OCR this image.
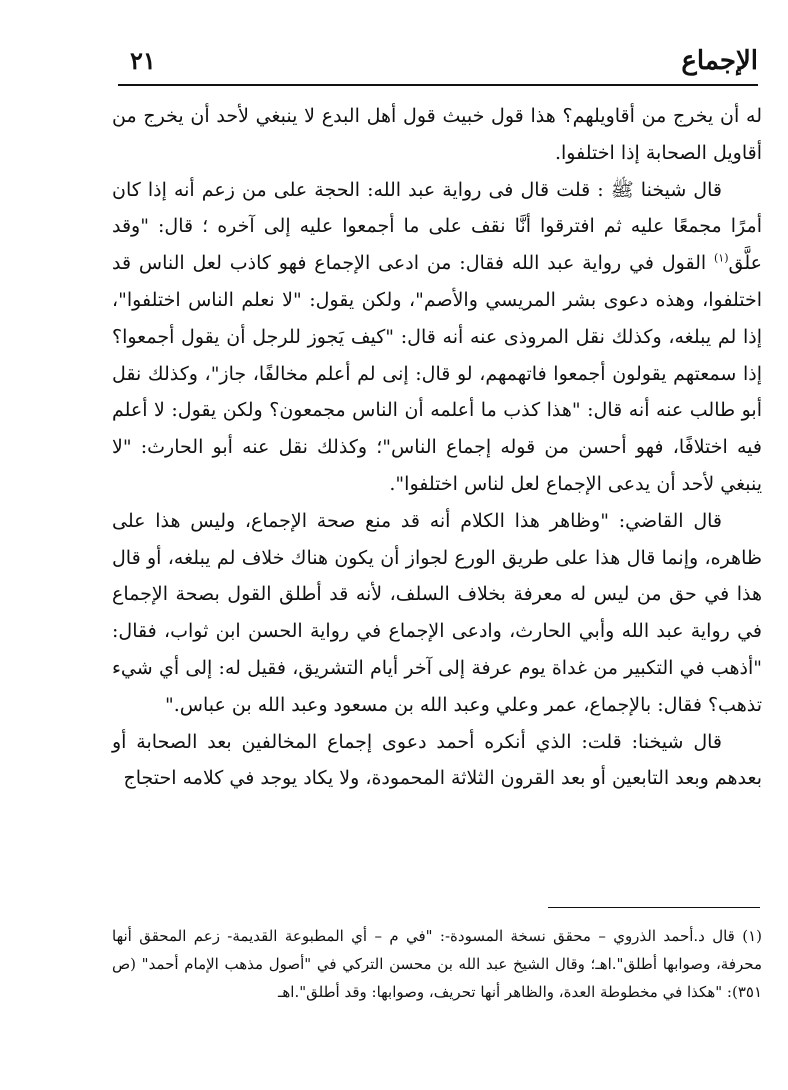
الإجماع
٢١

له أن يخرج من أقاويلهم؟ هذا قول خبيث قول أهل البدع لا ينبغي لأحد أن يخرج من أقاويل الصحابة إذا اختلفوا.

قال شيخنا ﷺ : قلت قال فى رواية عبد الله: الحجة على من زعم أنه إذا كان أمرًا مجمعًا عليه ثم افترقوا أنَّا نقف على ما أجمعوا عليه إلى آخره ؛ قال: "وقد علَّق$^{(١)}$ القول في رواية عبد الله فقال: من ادعى الإجماع فهو كاذب لعل الناس قد اختلفوا، وهذه دعوى بشر المريسي والأصم"، ولكن يقول: "لا نعلم الناس اختلفوا"، إذا لم يبلغه، وكذلك نقل المروذى عنه أنه قال: "كيف يَجوز للرجل أن يقول أجمعوا؟ إذا سمعتهم يقولون أجمعوا فاتهمهم، لو قال: إنى لم أعلم مخالفًا، جاز"، وكذلك نقل أبو طالب عنه أنه قال: "هذا كذب ما أعلمه أن الناس مجمعون؟ ولكن يقول: لا أعلم فيه اختلافًا، فهو أحسن من قوله إجماع الناس"؛ وكذلك نقل عنه أبو الحارث: "لا ينبغي لأحد أن يدعى الإجماع لعل لناس اختلفوا".

قال القاضي: "وظاهر هذا الكلام أنه قد منع صحة الإجماع، وليس هذا على ظاهره، وإنما قال هذا على طريق الورع لجواز أن يكون هناك خلاف لم يبلغه، أو قال هذا في حق من ليس له معرفة بخلاف السلف، لأنه قد أطلق القول بصحة الإجماع في رواية عبد الله وأبي الحارث، وادعى الإجماع في رواية الحسن ابن ثواب، فقال: "أذهب في التكبير من غداة يوم عرفة إلى آخر أيام التشريق، فقيل له: إلى أي شيء تذهب؟ فقال: بالإجماع، عمر وعلي وعبد الله بن مسعود وعبد الله بن عباس."

قال شيخنا: قلت: الذي أنكره أحمد دعوى إجماع المخالفين بعد الصحابة أو بعدهم وبعد التابعين أو بعد القرون الثلاثة المحمودة، ولا يكاد يوجد في كلامه احتجاج

(١) قال د.أحمد الذروي – محقق نسخة المسودة-: "في م – أي المطبوعة القديمة- زعم المحقق أنها محرفة، وصوابها أطلق".اهـ؛ وقال الشيخ عبد الله بن محسن التركي في "أصول مذهب الإمام أحمد" (ص ٣٥١): "هكذا في مخطوطة العدة، والظاهر أنها تحريف، وصوابها: وقد أطلق".اهـ
